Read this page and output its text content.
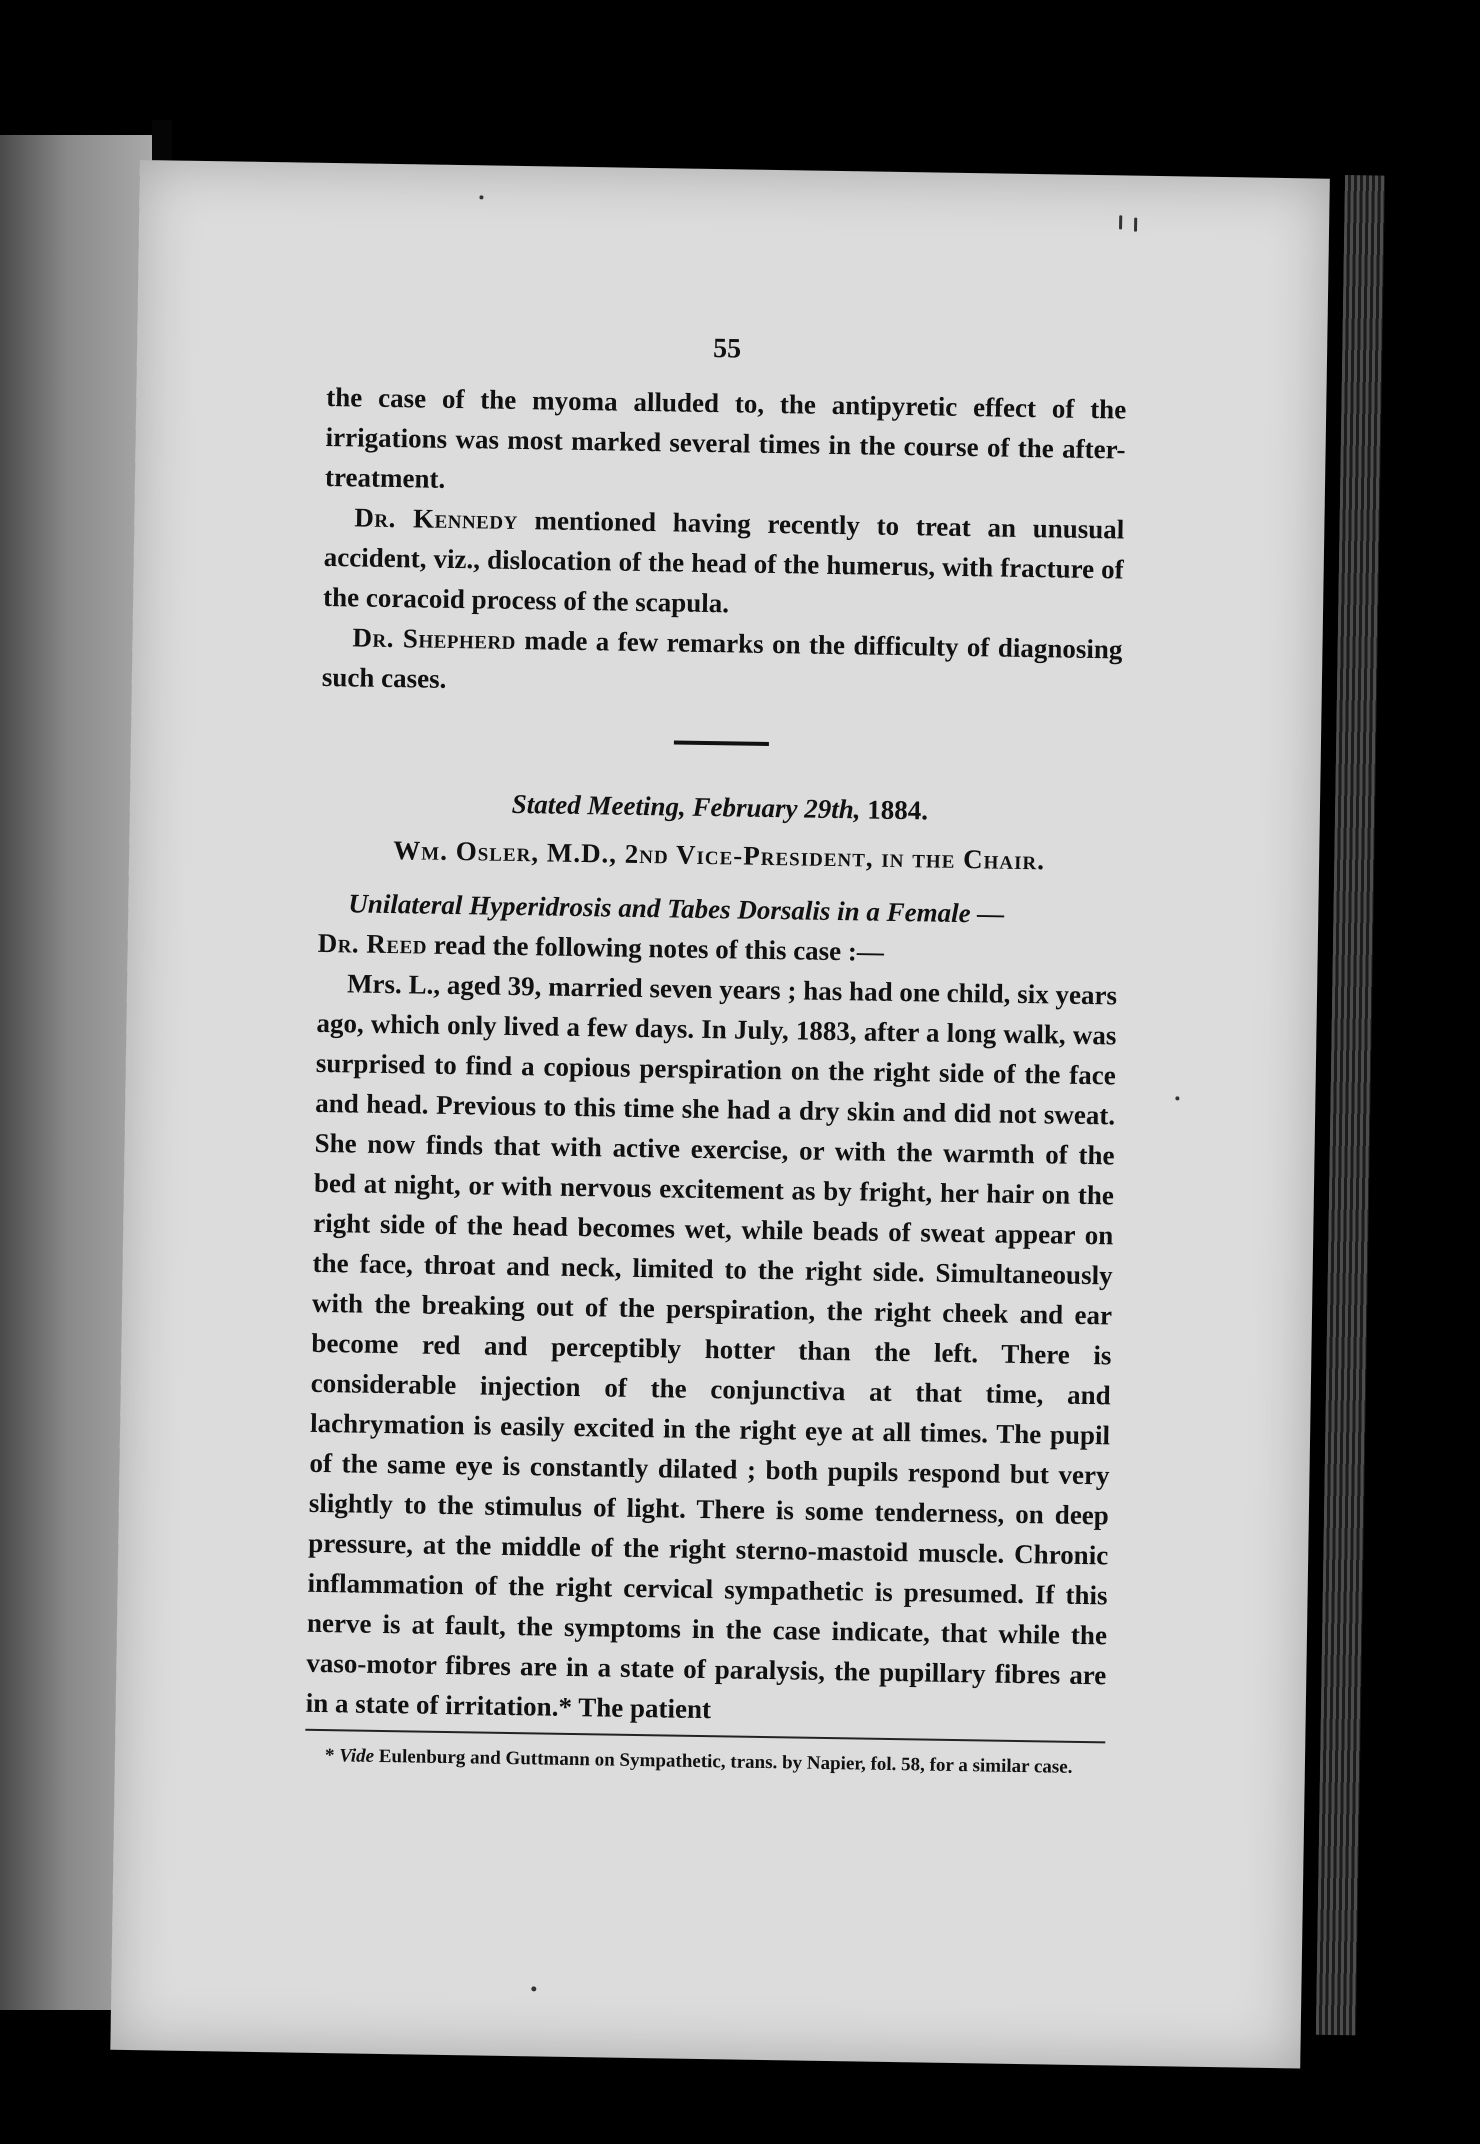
55

the case of the myoma alluded to, the antipyretic effect of the irrigations was most marked several times in the course of the after-treatment.

Dr. Kennedy mentioned having recently to treat an unusual accident, viz., dislocation of the head of the humerus, with fracture of the coracoid process of the scapula.

Dr. Shepherd made a few remarks on the difficulty of diagnosing such cases.

Stated Meeting, February 29th, 1884.

Wm. Osler, M.D., 2nd Vice-President, in the Chair.

Unilateral Hyperidrosis and Tabes Dorsalis in a Female —

Dr. Reed read the following notes of this case :—

Mrs. L., aged 39, married seven years ; has had one child, six years ago, which only lived a few days. In July, 1883, after a long walk, was surprised to find a copious perspiration on the right side of the face and head. Previous to this time she had a dry skin and did not sweat. She now finds that with active exercise, or with the warmth of the bed at night, or with nervous excitement as by fright, her hair on the right side of the head becomes wet, while beads of sweat appear on the face, throat and neck, limited to the right side. Simultaneously with the breaking out of the perspiration, the right cheek and ear become red and perceptibly hotter than the left. There is considerable injection of the conjunctiva at that time, and lachrymation is easily excited in the right eye at all times. The pupil of the same eye is constantly dilated ; both pupils respond but very slightly to the stimulus of light. There is some tenderness, on deep pressure, at the middle of the right sterno-mastoid muscle. Chronic inflammation of the right cervical sympathetic is presumed. If this nerve is at fault, the symptoms in the case indicate, that while the vaso-motor fibres are in a state of paralysis, the pupillary fibres are in a state of irritation.* The patient

* Vide Eulenburg and Guttmann on Sympathetic, trans. by Napier, fol. 58, for a similar case.
